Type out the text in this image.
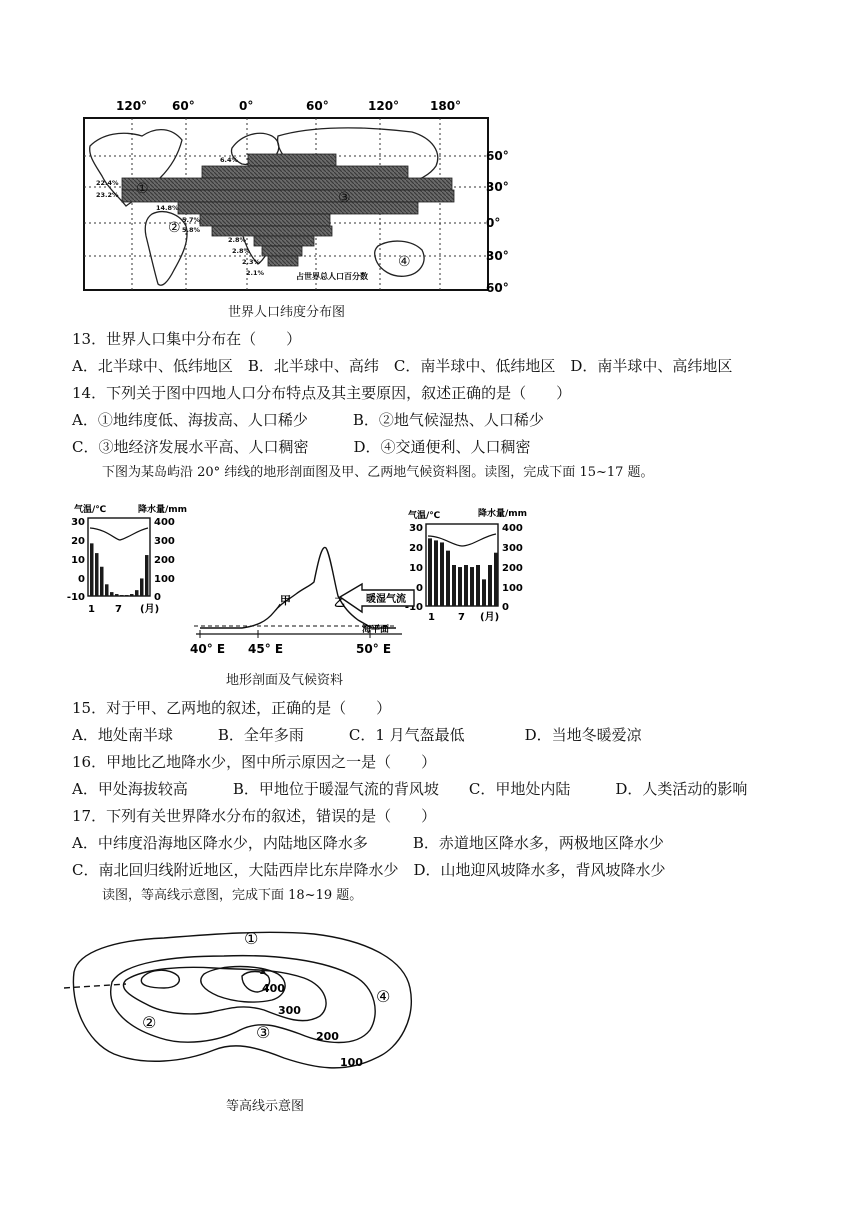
120° 60°	0°	60°	120°	180°
6.4%
22.4%
23.2%
14.8%
5.7%
5.8%
2.8%
2.8%
2.3%
2.1%
①
②
③
④
占世界总人口百分数
60°
30°
0°
30°
60°
世界人口纬度分布图
13．世界人口集中分布在（　　）
A．北半球中、低纬地区　B．北半球中、高纬　C．南半球中、低纬地区　D．南半球中、高纬地区
14．下列关于图中四地人口分布特点及其主要原因，叙述正确的是（　　）
A．①地纬度低、海拔高、人口稀少　　　B．②地气候湿热、人口稀少
C．③地经济发展水平高、人口稠密　　　D．④交通便利、人口稠密
下图为某岛屿沿 20° 纬线的地形剖面图及甲、乙两地气候资料图。读图，完成下面 15~17 题。
气温/℃	降水量/mm
30
20
10
0
-10
400
300
200
100
0
1 7 (月)
气温/℃	降水量/mm
30
20
10
0
-10
400
300
200
100
0
1 7 (月)
甲	乙
海平面
暖湿气流
40° E 45° E	50° E
地形剖面及气候资料
15．对于甲、乙两地的叙述，正确的是（　　）
A．地处南半球　　　B．全年多雨　　　C．1 月气盔最低　　　　D．当地冬暖爱凉
16．甲地比乙地降水少，图中所示原因之一是（　　）
A．甲处海拔较高　　　B．甲地位于暖湿气流的背风坡　　C．甲地处内陆　　　D．人类活动的影响
17．下列有关世界降水分布的叙述，错误的是（　　）
A．中纬度沿海地区降水少，内陆地区降水多　　　B．赤道地区降水多，两极地区降水少
C．南北回归线附近地区，大陆西岸比东岸降水少　D．山地迎风坡降水多，背风坡降水少
读图，等高线示意图，完成下面 18~19 题。
400
300
200
100
①
②
③
④
等高线示意图
